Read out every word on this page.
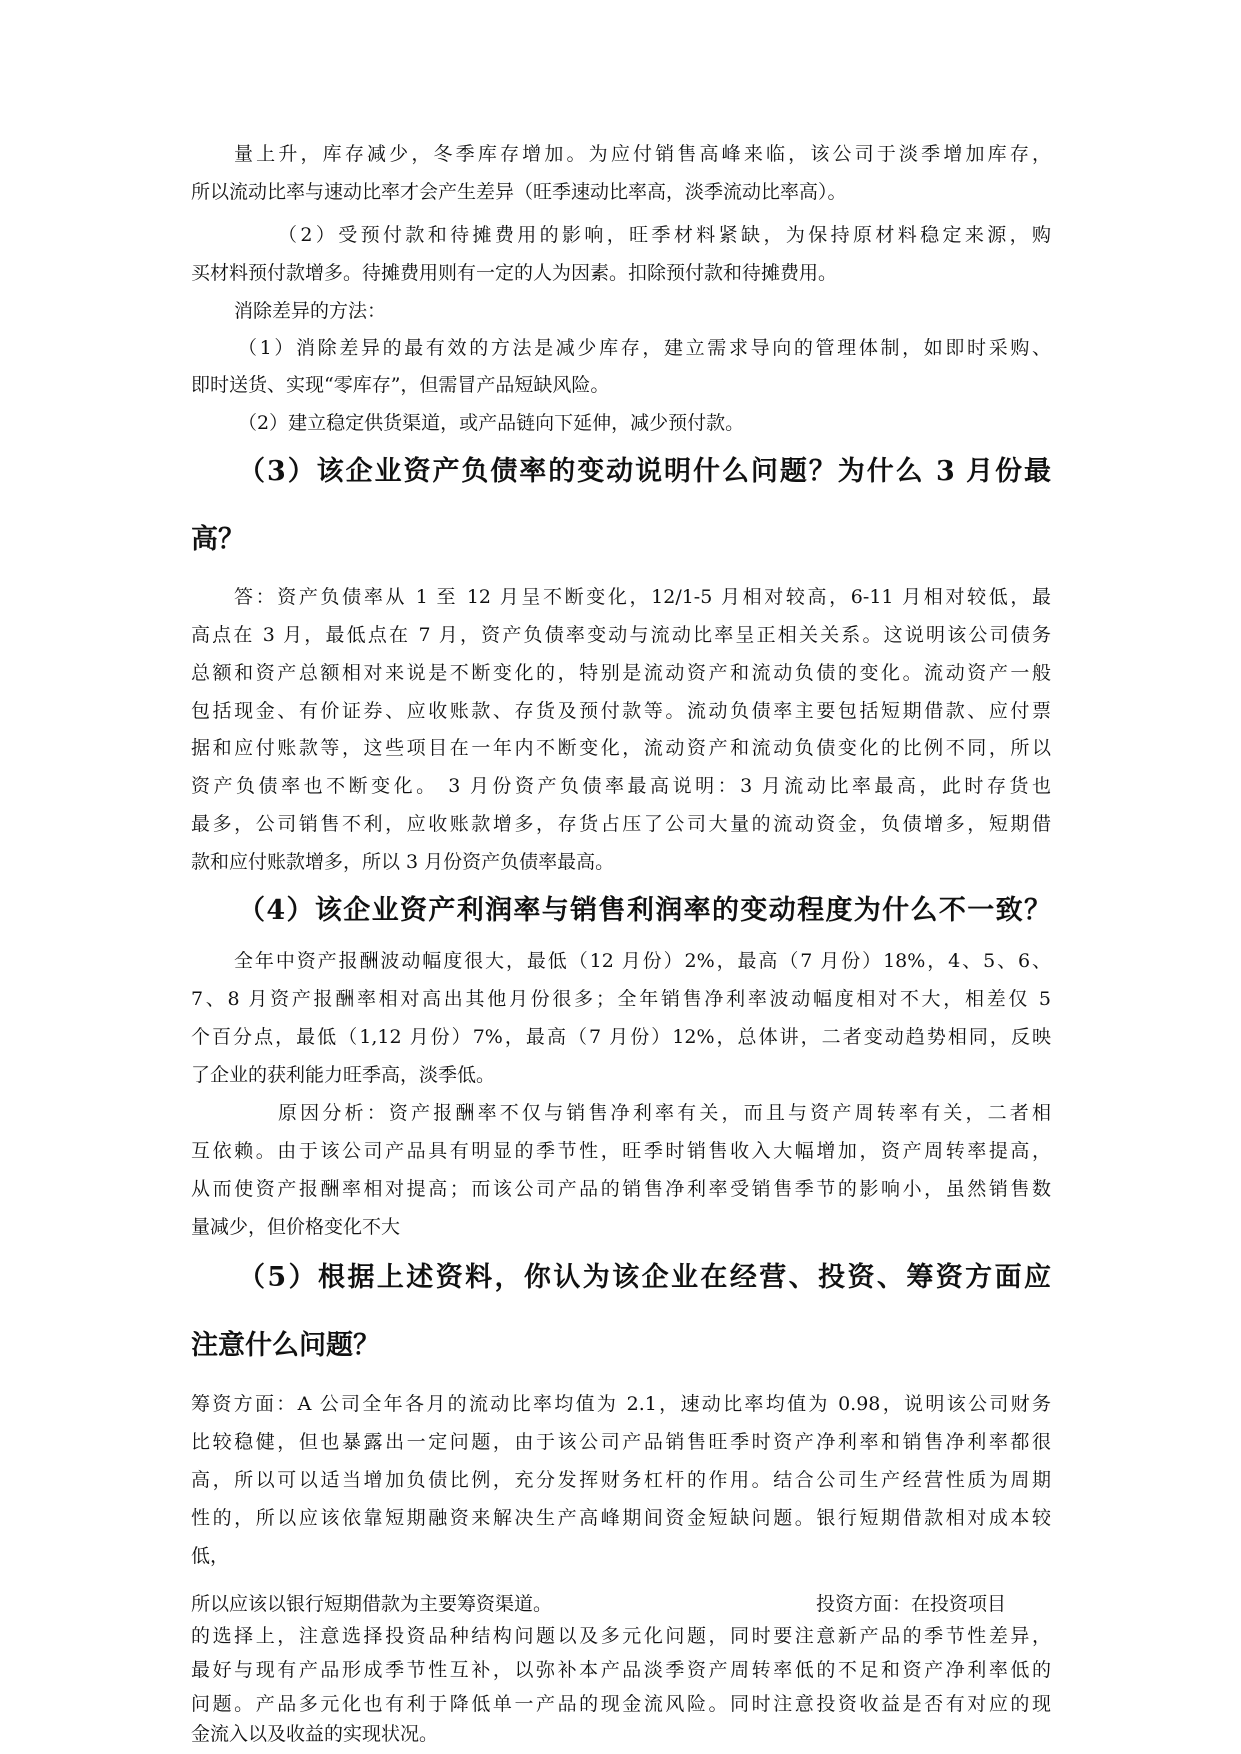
量上升，库存减少，冬季库存增加。为应付销售高峰来临，该公司于淡季增加库存，
所以流动比率与速动比率才会产生差异（旺季速动比率高，淡季流动比率高）。
（2）受预付款和待摊费用的影响，旺季材料紧缺，为保持原材料稳定来源，购
买材料预付款增多。待摊费用则有一定的人为因素。扣除预付款和待摊费用。
消除差异的方法：
（1）消除差异的最有效的方法是减少库存，建立需求导向的管理体制，如即时采购、
即时送货、实现“零库存”，但需冒产品短缺风险。
（2）建立稳定供货渠道，或产品链向下延伸，减少预付款。
（3）该企业资产负债率的变动说明什么问题？为什么 3 月份最
高？
答：资产负债率从 1 至 12 月呈不断变化，12/1-5 月相对较高，6-11 月相对较低，最
高点在 3 月，最低点在 7 月，资产负债率变动与流动比率呈正相关关系。这说明该公司债务
总额和资产总额相对来说是不断变化的，特别是流动资产和流动负债的变化。流动资产一般
包括现金、有价证券、应收账款、存货及预付款等。流动负债率主要包括短期借款、应付票
据和应付账款等，这些项目在一年内不断变化，流动资产和流动负债变化的比例不同，所以
资产负债率也不断变化。 3 月份资产负债率最高说明：3 月流动比率最高，此时存货也
最多，公司销售不利，应收账款增多，存货占压了公司大量的流动资金，负债增多，短期借
款和应付账款增多，所以 3 月份资产负债率最高。
（4）该企业资产利润率与销售利润率的变动程度为什么不一致？
全年中资产报酬波动幅度很大，最低（12 月份）2%，最高（7 月份）18%，4、5、6、
7、8 月资产报酬率相对高出其他月份很多；全年销售净利率波动幅度相对不大，相差仅 5
个百分点，最低（1,12 月份）7%，最高（7 月份）12%，总体讲，二者变动趋势相同，反映
了企业的获利能力旺季高，淡季低。
原因分析：资产报酬率不仅与销售净利率有关，而且与资产周转率有关，二者相
互依赖。由于该公司产品具有明显的季节性，旺季时销售收入大幅增加，资产周转率提高，
从而使资产报酬率相对提高；而该公司产品的销售净利率受销售季节的影响小，虽然销售数
量减少，但价格变化不大
（5）根据上述资料，你认为该企业在经营、投资、筹资方面应
注意什么问题？
筹资方面：A 公司全年各月的流动比率均值为 2.1，速动比率均值为 0.98，说明该公司财务
比较稳健，但也暴露出一定问题，由于该公司产品销售旺季时资产净利率和销售净利率都很
高，所以可以适当增加负债比例，充分发挥财务杠杆的作用。结合公司生产经营性质为周期
性的，所以应该依靠短期融资来解决生产高峰期间资金短缺问题。银行短期借款相对成本较
低，
所以应该以银行短期借款为主要筹资渠道。	投资方面：在投资项目
的选择上，注意选择投资品种结构问题以及多元化问题，同时要注意新产品的季节性差异，
最好与现有产品形成季节性互补，以弥补本产品淡季资产周转率低的不足和资产净利率低的
问题。产品多元化也有利于降低单一产品的现金流风险。同时注意投资收益是否有对应的现
金流入以及收益的实现状况。
